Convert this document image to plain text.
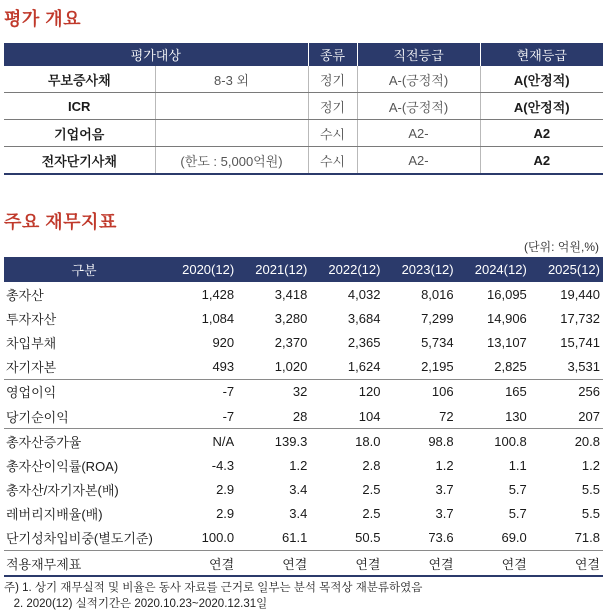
평가 개요
평가대상		종류	직전등급	현재등급
무보증사채	8-3 외	정기	A-(긍정적)	A(안정적)
ICR		정기	A-(긍정적)	A(안정적)
기업어음		수시	A2-	A2
전자단기사채	(한도 : 5,000억원)	수시	A2-	A2
주요 재무지표
(단위: 억원,%)
구분	2020(12)	2021(12)	2022(12)	2023(12)	2024(12)	2025(12)
총자산	1,428	3,418	4,032	8,016	16,095	19,440
투자자산	1,084	3,280	3,684	7,299	14,906	17,732
차입부채	920	2,370	2,365	5,734	13,107	15,741
자기자본	493	1,020	1,624	2,195	2,825	3,531
영업이익	-7	32	120	106	165	256
당기순이익	-7	28	104	72	130	207
총자산증가율	N/A	139.3	18.0	98.8	100.8	20.8
총자산이익률(ROA)	-4.3	1.2	2.8	1.2	1.1	1.2
총자산/자기자본(배)	2.9	3.4	2.5	3.7	5.7	5.5
레버리지배율(배)	2.9	3.4	2.5	3.7	5.7	5.5
단기성차입비중(별도기준)	100.0	61.1	50.5	73.6	69.0	71.8
적용재무제표	연결	연결	연결	연결	연결	연결
주) 1. 상기 재무실적 및 비율은 동사 자료를 근거로 일부는 분석 목적상 재분류하였음
2. 2020(12) 실적기간은 2020.10.23~2020.12.31일
